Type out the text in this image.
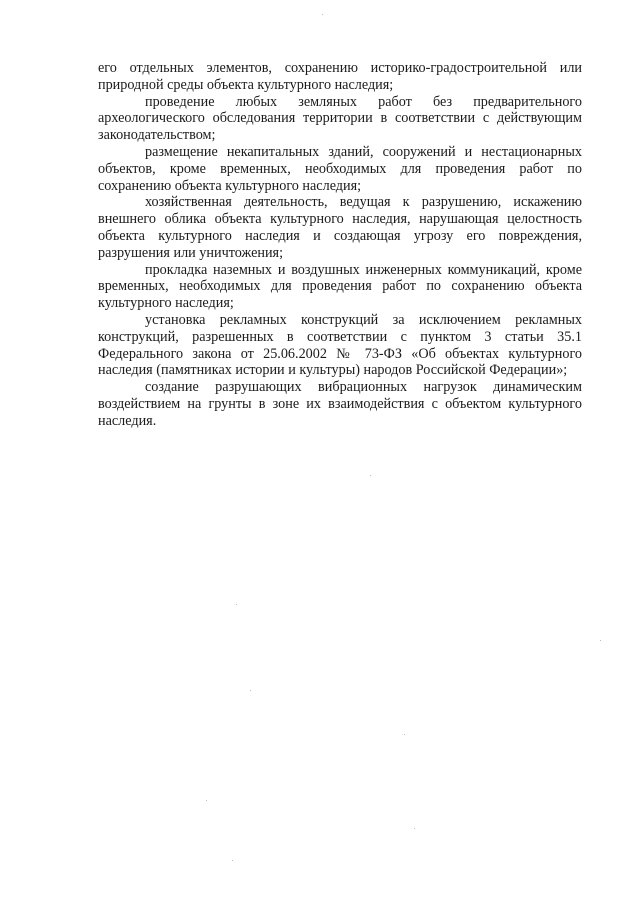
его отдельных элементов, сохранению историко-градостроительной или природной среды объекта культурного наследия;

проведение любых земляных работ без предварительного археологического обследования территории в соответствии с действующим законодательством;

размещение некапитальных зданий, сооружений и нестационарных объектов, кроме временных, необходимых для проведения работ по сохранению объекта культурного наследия;

хозяйственная деятельность, ведущая к разрушению, искажению внешнего облика объекта культурного наследия, нарушающая целостность объекта культурного наследия и создающая угрозу его повреждения, разрушения или уничтожения;

прокладка наземных и воздушных инженерных коммуникаций, кроме временных, необходимых для проведения работ по сохранению объекта культурного наследия;

установка рекламных конструкций за исключением рекламных конструкций, разрешенных в соответствии с пунктом 3 статьи 35.1 Федерального закона от 25.06.2002 № 73-ФЗ «Об объектах культурного наследия (памятниках истории и культуры) народов Российской Федерации»;

создание разрушающих вибрационных нагрузок динамическим воздействием на грунты в зоне их взаимодействия с объектом культурного наследия.
